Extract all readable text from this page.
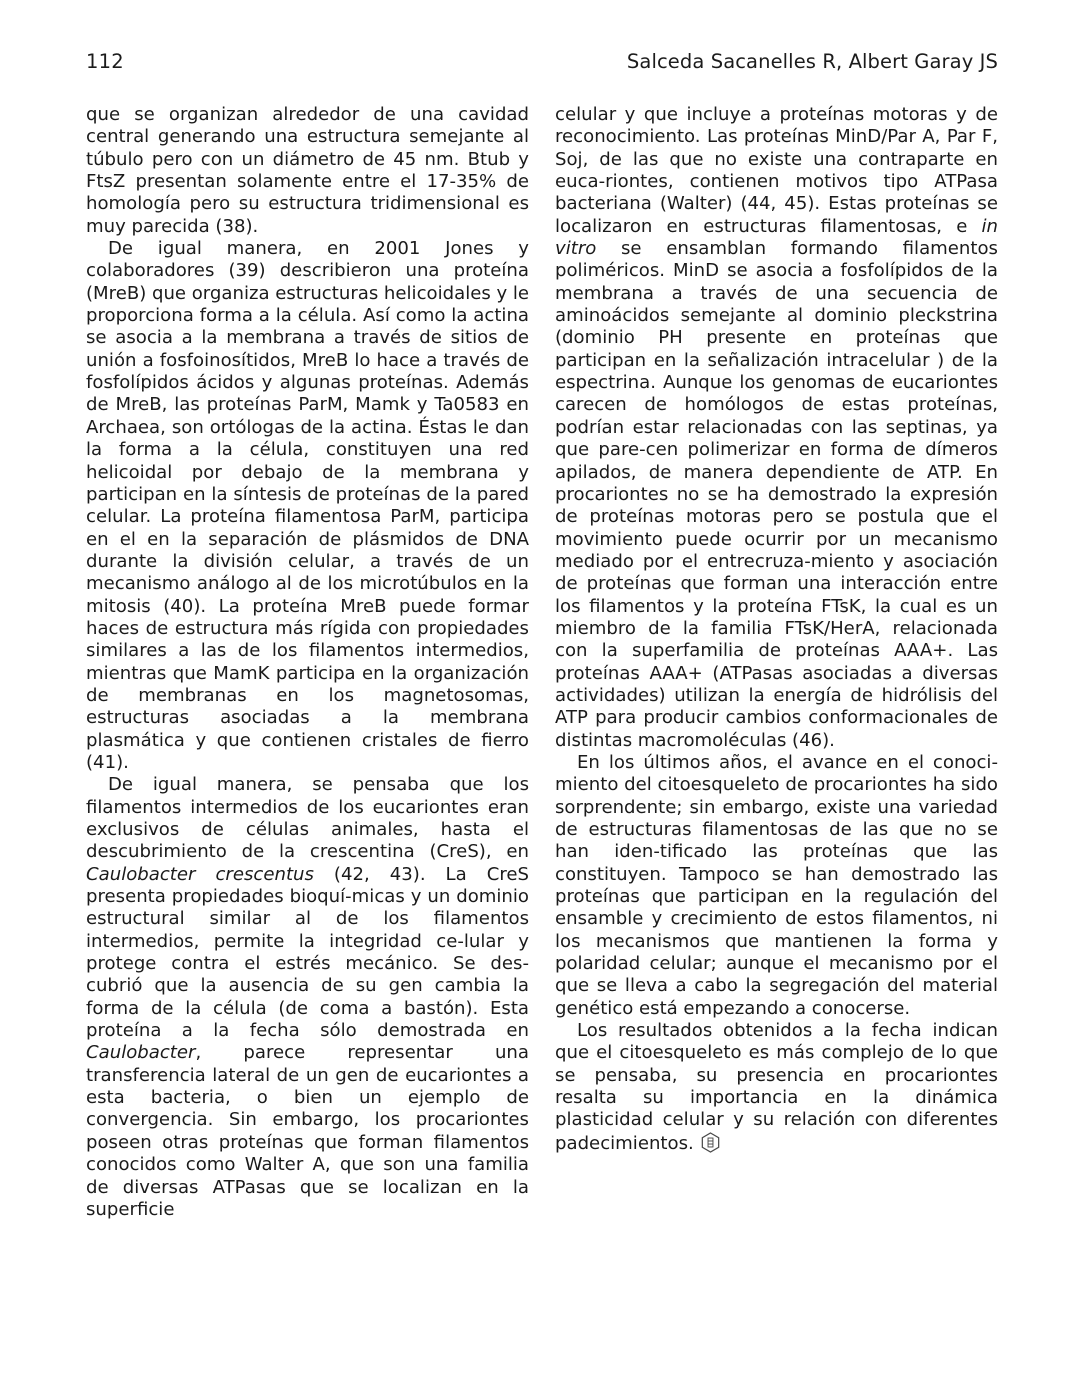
112	Salceda Sacanelles R, Albert Garay JS

que se organizan alrededor de una cavidad central generando una estructura semejante al túbulo pero con un diámetro de 45 nm. Btub y FtsZ presentan solamente entre el 17-35% de homología pero su estructura tridimensional es muy parecida (38).

De igual manera, en 2001 Jones y colaboradores (39) describieron una proteína (MreB) que organiza estructuras helicoidales y le proporciona forma a la célula. Así como la actina se asocia a la membrana a través de sitios de unión a fosfoinosítidos, MreB lo hace a través de fosfolípidos ácidos y algunas proteínas. Además de MreB, las proteínas ParM, Mamk y Ta0583 en Archaea, son ortólogas de la actina. Éstas le dan la forma a la célula, constituyen una red helicoidal por debajo de la membrana y participan en la síntesis de proteínas de la pared celular. La proteína filamentosa ParM, participa en el en la separación de plásmidos de DNA durante la división celular, a través de un mecanismo análogo al de los microtúbulos en la mitosis (40). La proteína MreB puede formar haces de estructura más rígida con propiedades similares a las de los filamentos intermedios, mientras que MamK participa en la organización de membranas en los magnetosomas, estructuras asociadas a la membrana plasmática y que contienen cristales de fierro (41).

De igual manera, se pensaba que los filamentos intermedios de los eucariontes eran exclusivos de células animales, hasta el descubrimiento de la crescentina (CreS), en Caulobacter crescentus (42, 43). La CreS presenta propiedades bioquí-micas y un dominio estructural similar al de los filamentos intermedios, permite la integridad ce-lular y protege contra el estrés mecánico. Se des-cubrió que la ausencia de su gen cambia la forma de la célula (de coma a bastón). Esta proteína a la fecha sólo demostrada en Caulobacter, parece representar una transferencia lateral de un gen de eucariontes a esta bacteria, o bien un ejemplo de convergencia. Sin embargo, los procariontes poseen otras proteínas que forman filamentos conocidos como Walter A, que son una familia de diversas ATPasas que se localizan en la superficie

celular y que incluye a proteínas motoras y de reconocimiento. Las proteínas MinD/Par A, Par F, Soj, de las que no existe una contraparte en euca-riontes, contienen motivos tipo ATPasa bacteriana (Walter) (44, 45). Estas proteínas se localizaron en estructuras filamentosas, e in vitro se ensamblan formando filamentos poliméricos. MinD se asocia a fosfolípidos de la membrana a través de una secuencia de aminoácidos semejante al dominio pleckstrina (dominio PH presente en proteínas que participan en la señalización intracelular ) de la espectrina. Aunque los genomas de eucariontes carecen de homólogos de estas proteínas, podrían estar relacionadas con las septinas, ya que pare-cen polimerizar en forma de dímeros apilados, de manera dependiente de ATP. En procariontes no se ha demostrado la expresión de proteínas motoras pero se postula que el movimiento puede ocurrir por un mecanismo mediado por el entrecruza-miento y asociación de proteínas que forman una interacción entre los filamentos y la proteína FTsK, la cual es un miembro de la familia FTsK/HerA, relacionada con la superfamilia de proteínas AAA+. Las proteínas AAA+ (ATPasas asociadas a diversas actividades) utilizan la energía de hidrólisis del ATP para producir cambios conformacionales de distintas macromoléculas (46).

En los últimos años, el avance en el conoci-miento del citoesqueleto de procariontes ha sido sorprendente; sin embargo, existe una variedad de estructuras filamentosas de las que no se han iden-tificado las proteínas que las constituyen. Tampoco se han demostrado las proteínas que participan en la regulación del ensamble y crecimiento de estos filamentos, ni los mecanismos que mantienen la forma y polaridad celular; aunque el mecanismo por el que se lleva a cabo la segregación del material genético está empezando a conocerse.

Los resultados obtenidos a la fecha indican que el citoesqueleto es más complejo de lo que se pensaba, su presencia en procariontes resalta su importancia en la dinámica plasticidad celular y su relación con diferentes padecimientos.
